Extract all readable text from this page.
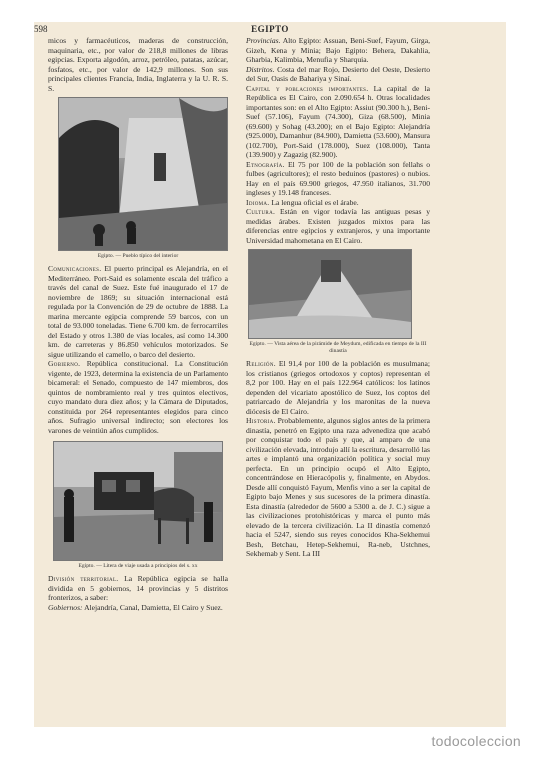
598	EGIPTO

micos y farmacéuticos, maderas de construcción, maquinaria, etc., por valor de 218,8 millones de libras egipcias. Exporta algodón, arroz, petróleo, patatas, azúcar, fosfatos, etc., por valor de 142,9 millones. Son sus principales clientes Francia, India, Inglaterra y la U. R. S. S.

Egipto. — Pueblo típico del interior

Comunicaciones. El puerto principal es Alejandría, en el Mediterráneo. Port-Said es solamente escala del tráfico a través del canal de Suez. Este fué inaugurado el 17 de noviembre de 1869; su situación internacional está regulada por la Convención de 29 de octubre de 1888. La marina mercante egipcia comprende 59 barcos, con un total de 93.000 toneladas. Tiene 6.700 km. de ferrocarriles del Estado y otros 1.380 de vías locales, así como 14.300 km. de carreteras y 86.850 vehículos motorizados. Se sigue utilizando el camello, o barco del desierto.

Gobierno. República constitucional. La Constitución vigente, de 1923, determina la existencia de un Parlamento bicameral: el Senado, compuesto de 147 miembros, dos quintos de nombramiento real y tres quintos electivos, cuyo mandato dura diez años; y la Cámara de Diputados, constituida por 264 representantes elegidos para cinco años. Sufragio universal indirecto; son electores los varones de veintiún años cumplidos.

Egipto. — Litera de viaje usada a principios del s. xx

División territorial. La República egipcia se halla dividida en 5 gobiernos, 14 provincias y 5 distritos fronterizos, a saber:

Gobiernos: Alejandría, Canal, Damietta, El Cairo y Suez.

Provincias. Alto Egipto: Assuan, Beni-Suef, Fayum, Girga, Gizeh, Kena y Minia; Bajo Egipto: Behera, Dakahlia, Gharbia, Kalimbia, Menufia y Sharquia.

Distritos. Costa del mar Rojo, Desierto del Oeste, Desierto del Sur, Oasis de Bahariya y Sinaí.

Capital y poblaciones importantes. La capital de la República es El Cairo, con 2.090.654 h. Otras localidades importantes son: en el Alto Egipto: Assiut (90.300 h.), Beni-Suef (57.106), Fayum (74.300), Giza (68.500), Minia (69.600) y Sohag (43.200); en el Bajo Egipto: Alejandría (925.000), Damanhur (84.900), Damietta (53.600), Mansura (102.700), Port-Said (178.000), Suez (108.000), Tanta (139.900) y Zagazig (82.900).

Etnografía. El 75 por 100 de la población son fellahs o fulbes (agricultores); el resto beduinos (pastores) o nubios. Hay en el país 69.900 griegos, 47.950 italianos, 31.700 ingleses y 19.148 franceses.

Idioma. La lengua oficial es el árabe.

Cultura. Están en vigor todavía las antiguas pesas y medidas árabes. Existen juzgados mixtos para las diferencias entre egipcios y extranjeros, y una importante Universidad mahometana en El Cairo.

Egipto. — Vista aérea de la pirámide de Meydum, edificada en tiempo de la III dinastía

Religión. El 91,4 por 100 de la población es musulmana; los cristianos (griegos ortodoxos y coptos) representan el 8,2 por 100. Hay en el país 122.964 católicos: los latinos dependen del vicariato apostólico de Suez, los coptos del patriarcado de Alejandría y los maronitas de la nueva diócesis de El Cairo.

Historia. Probablemente, algunos siglos antes de la primera dinastía, penetró en Egipto una raza advenediza que acabó por conquistar todo el país y que, al amparo de una civilización elevada, introdujo allí la escritura, desarrolló las artes e implantó una organización política y social muy perfecta. En un principio ocupó el Alto Egipto, concentrándose en Hieracópolis y, finalmente, en Abydos. Desde allí conquistó Fayum, Menfis vino a ser la capital de Egipto bajo Menes y sus sucesores de la primera dinastía. Esta dinastía (alrededor de 5600 a 5300 a. de J. C.) sigue a las civilizaciones protohistóricas y marca el punto más elevado de la tercera civilización. La II dinastía comenzó hacia el 5247, siendo sus reyes conocidos Kha-Sekhemui Besh, Betchau, Hetep-Sekhemui, Ra-neb, Ustchnes, Sekhemab y Sent. La III

todocoleccion
